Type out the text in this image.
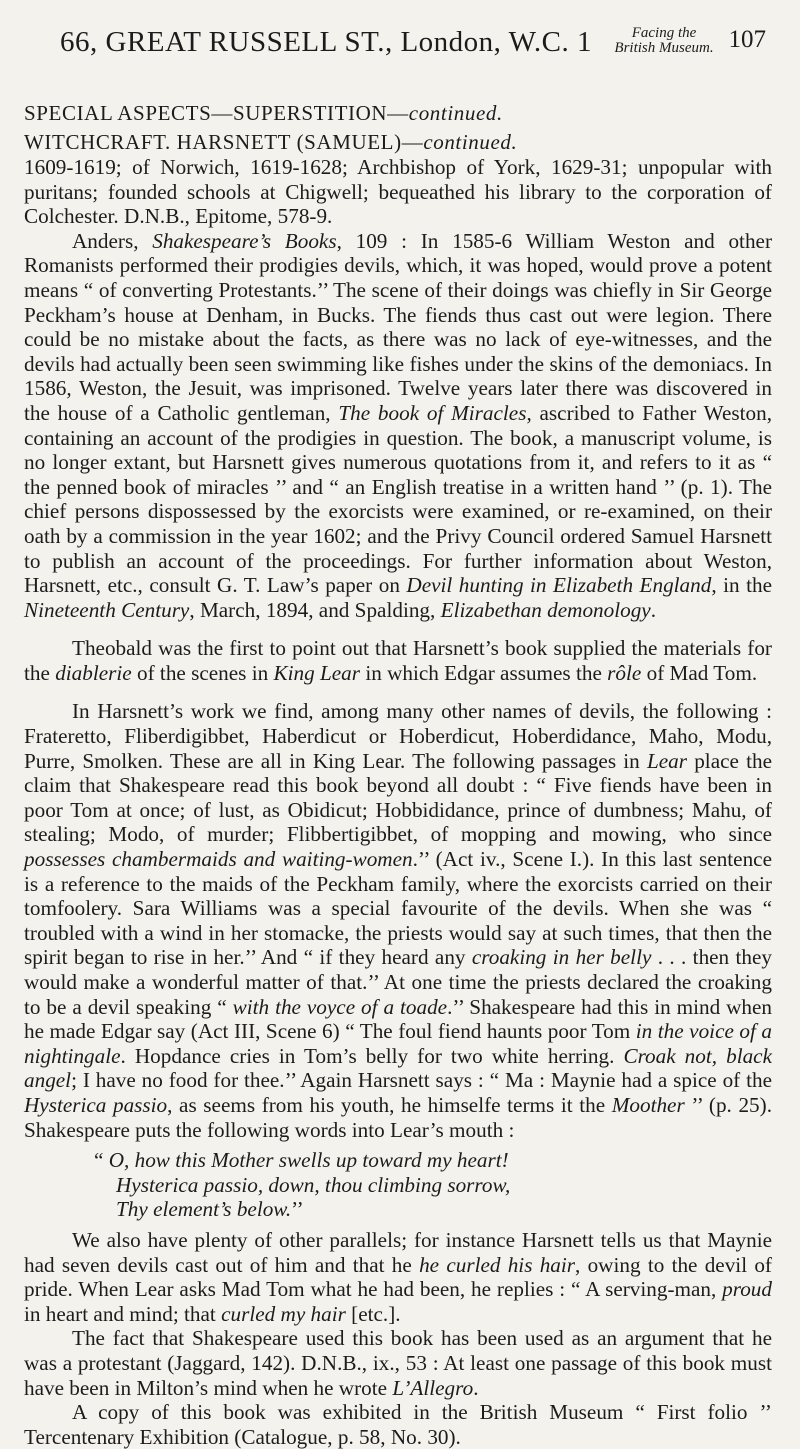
66, GREAT RUSSELL ST., London, W.C. 1	Facing the
British Museum. 107
SPECIAL ASPECTS—SUPERSTITION—continued.
WITCHCRAFT. HARSNETT (SAMUEL)—continued.

1609-1619; of Norwich, 1619-1628; Archbishop of York, 1629-31; unpopular with puritans; founded schools at Chigwell; bequeathed his library to the corporation of Colchester. D.N.B., Epitome, 578-9.

Anders, Shakespeare’s Books, 109 : In 1585-6 William Weston and other Romanists performed their prodigies devils, which, it was hoped, would prove a potent means “ of converting Protestants.’’ The scene of their doings was chiefly in Sir George Peckham’s house at Denham, in Bucks. The fiends thus cast out were legion. There could be no mistake about the facts, as there was no lack of eye-witnesses, and the devils had actually been seen swimming like fishes under the skins of the demoniacs. In 1586, Weston, the Jesuit, was imprisoned. Twelve years later there was discovered in the house of a Catholic gentleman, The book of Miracles, ascribed to Father Weston, containing an account of the prodigies in question. The book, a manuscript volume, is no longer extant, but Harsnett gives numerous quotations from it, and refers to it as “ the penned book of miracles ’’ and “ an English treatise in a written hand ’’ (p. 1). The chief persons dispossessed by the exorcists were examined, or re-examined, on their oath by a commission in the year 1602; and the Privy Council ordered Samuel Harsnett to publish an account of the proceedings. For further information about Weston, Harsnett, etc., consult G. T. Law’s paper on Devil hunting in Elizabeth England, in the Nineteenth Century, March, 1894, and Spalding, Elizabethan demonology.

Theobald was the first to point out that Harsnett’s book supplied the materials for the diablerie of the scenes in King Lear in which Edgar assumes the rôle of Mad Tom.

In Harsnett’s work we find, among many other names of devils, the following : Frateretto, Fliberdigibbet, Haberdicut or Hoberdicut, Hoberdidance, Maho, Modu, Purre, Smolken. These are all in King Lear. The following passages in Lear place the claim that Shakespeare read this book beyond all doubt : “ Five fiends have been in poor Tom at once; of lust, as Obidicut; Hobbididance, prince of dumbness; Mahu, of stealing; Modo, of murder; Flibbertigibbet, of mopping and mowing, who since possesses chambermaids and waiting-women.’’ (Act iv., Scene I.). In this last sentence is a reference to the maids of the Peckham family, where the exorcists carried on their tomfoolery. Sara Williams was a special favourite of the devils. When she was “ troubled with a wind in her stomacke, the priests would say at such times, that then the spirit began to rise in her.’’ And “ if they heard any croaking in her belly . . . then they would make a wonderful matter of that.’’ At one time the priests declared the croaking to be a devil speaking “ with the voyce of a toade.’’ Shakespeare had this in mind when he made Edgar say (Act III, Scene 6) “ The foul fiend haunts poor Tom in the voice of a nightingale. Hopdance cries in Tom’s belly for two white herring. Croak not, black angel; I have no food for thee.’’ Again Harsnett says : “ Ma : Maynie had a spice of the Hysterica passio, as seems from his youth, he himselfe terms it the Moother ’’ (p. 25). Shakespeare puts the following words into Lear’s mouth :

“ O, how this Mother swells up toward my heart!
Hysterica passio, down, thou climbing sorrow,
Thy element’s below.’’

We also have plenty of other parallels; for instance Harsnett tells us that Maynie had seven devils cast out of him and that he he curled his hair, owing to the devil of pride. When Lear asks Mad Tom what he had been, he replies : “ A serving-man, proud in heart and mind; that curled my hair [etc.].

The fact that Shakespeare used this book has been used as an argument that he was a protestant (Jaggard, 142). D.N.B., ix., 53 : At least one passage of this book must have been in Milton’s mind when he wrote L’Allegro.

A copy of this book was exhibited in the British Museum “ First folio ’’ Tercentenary Exhibition (Catalogue, p. 58, No. 30).
